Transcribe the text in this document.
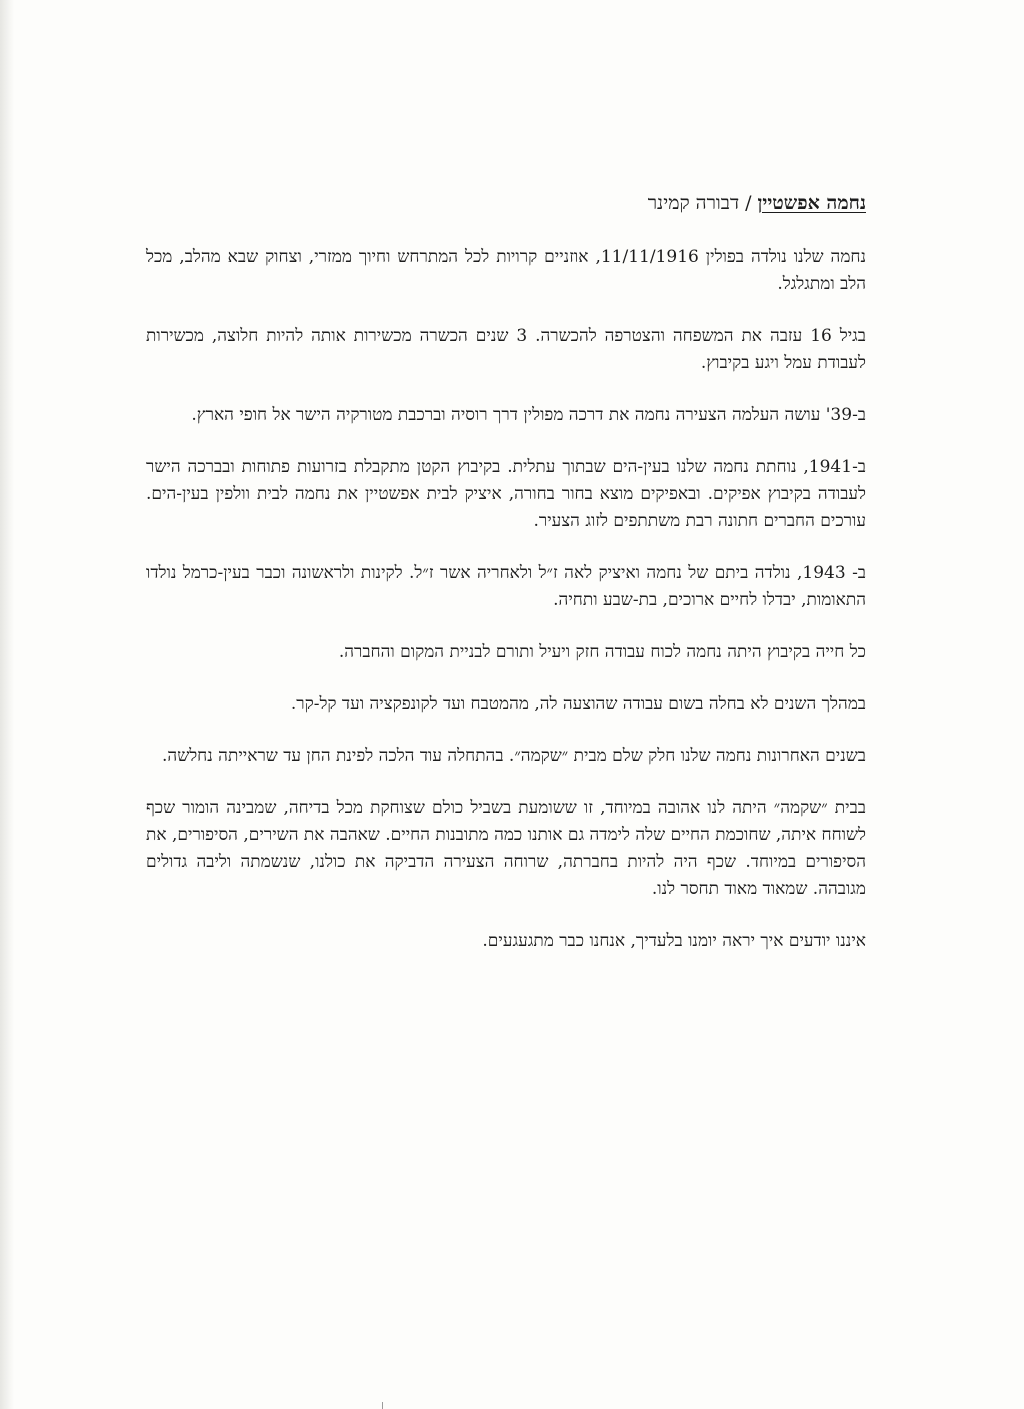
נחמה אפשטיין/דבורה קמינר

נחמה שלנו נולדה בפולין 11/11/1916, אוזניים קרויות לכל המתרחש וחיוך ממזרי, וצחוק שבא מהלב, מכל הלב ומתגלגל.

בגיל 16 עזבה את המשפחה והצטרפה להכשרה. 3 שנים הכשרה מכשירות אותה להיות חלוצה, מכשירות לעבודת עמל ויגע בקיבוץ.

ב-39' עושה העלמה הצעירה נחמה את דרכה מפולין דרך רוסיה וברכבת מטורקיה הישר אל חופי הארץ.

ב-1941, נוחתת נחמה שלנו בעין-הים שבתוך עתלית. בקיבוץ הקטן מתקבלת בזרועות פתוחות ובברכה הישר לעבודה בקיבוץ אפיקים. ובאפיקים מוצא בחור בחורה, איציק לבית אפשטיין את נחמה לבית וולפין בעין-הים. עורכים החברים חתונה רבת משתתפים לזוג הצעיר.

ב- 1943, נולדה ביתם של נחמה ואיציק לאה ז״ל ולאחריה אשר ז״ל. לקינות ולראשונה וכבר בעין-כרמל נולדו התאומות, יבדלו לחיים ארוכים, בת-שבע ותחיה.

כל חייה בקיבוץ היתה נחמה לכוח עבודה חזק ויעיל ותורם לבניית המקום והחברה.

במהלך השנים לא בחלה בשום עבודה שהוצעה לה, מהמטבח ועד לקונפקציה ועד קל-קר.

בשנים האחרונות נחמה שלנו חלק שלם מבית ״שקמה״. בהתחלה עוד הלכה לפינת החן עד שראייתה נחלשה.

בבית ״שקמה״ היתה לנו אהובה במיוחד, זו ששומעת בשביל כולם שצוחקת מכל בדיחה, שמבינה הומור שכף לשוחח איתה, שחוכמת החיים שלה לימדה גם אותנו כמה מתובנות החיים. שאהבה את השירים, הסיפורים, את הסיפורים במיוחד. שכף היה להיות בחברתה, שרוחה הצעירה הדביקה את כולנו, שנשמתה וליבה גדולים מגובהה. שמאוד מאוד תחסר לנו.

איננו יודעים איך יראה יומנו בלעדיך, אנחנו כבר מתגעגעים.
